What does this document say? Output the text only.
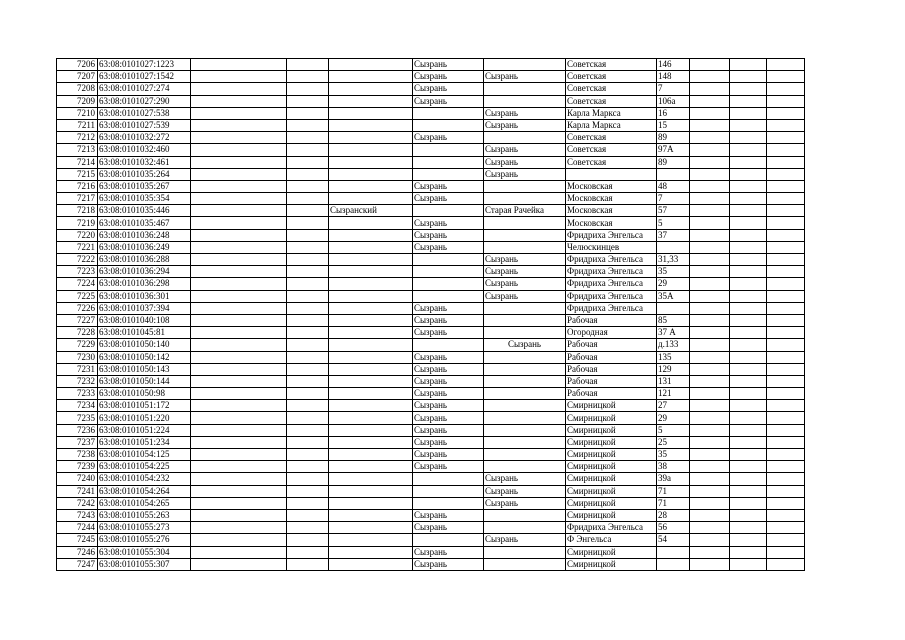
7206	63:08:0101027:1223				Сызрань		Советская	146			
7207	63:08:0101027:1542				Сызрань	Сызрань	Советская	148			
7208	63:08:0101027:274				Сызрань		Советская	7			
7209	63:08:0101027:290				Сызрань		Советская	106а			
7210	63:08:0101027:538					Сызрань	Карла Маркса	16			
7211	63:08:0101027:539					Сызрань	Карла Маркса	15			
7212	63:08:0101032:272				Сызрань		Советская	89			
7213	63:08:0101032:460					Сызрань	Советская	97А			
7214	63:08:0101032:461					Сызрань	Советская	89			
7215	63:08:0101035:264					Сызрань					
7216	63:08:0101035:267				Сызрань		Московская	48			
7217	63:08:0101035:354				Сызрань		Московская	7			
7218	63:08:0101035:446			Сызранский		Старая Рачейка	Московская	57			
7219	63:08:0101035:467				Сызрань		Московская	5			
7220	63:08:0101036:248				Сызрань		Фридриха Энгельса	37			
7221	63:08:0101036:249				Сызрань		Челюскинцев				
7222	63:08:0101036:288					Сызрань	Фридриха Энгельса	31,33			
7223	63:08:0101036:294					Сызрань	Фридриха Энгельса	35			
7224	63:08:0101036:298					Сызрань	Фридриха Энгельса	29			
7225	63:08:0101036:301					Сызрань	Фридриха Энгельса	35А			
7226	63:08:0101037:394				Сызрань		Фридриха Энгельса				
7227	63:08:0101040:108				Сызрань		Рабочая	85			
7228	63:08:0101045:81				Сызрань		Огородная	37 А			
7229	63:08:0101050:140					Сызрань	Рабочая	д.133			
7230	63:08:0101050:142				Сызрань		Рабочая	135			
7231	63:08:0101050:143				Сызрань		Рабочая	129			
7232	63:08:0101050:144				Сызрань		Рабочая	131			
7233	63:08:0101050:98				Сызрань		Рабочая	121			
7234	63:08:0101051:172				Сызрань		Смирницкой	27			
7235	63:08:0101051:220				Сызрань		Смирницкой	29			
7236	63:08:0101051:224				Сызрань		Смирницкой	5			
7237	63:08:0101051:234				Сызрань		Смирницкой	25			
7238	63:08:0101054:125				Сызрань		Смирницкой	35			
7239	63:08:0101054:225				Сызрань		Смирницкой	38			
7240	63:08:0101054:232					Сызрань	Смирницкой	39а			
7241	63:08:0101054:264					Сызрань	Смирницкой	71			
7242	63:08:0101054:265					Сызрань	Смирницкой	71			
7243	63:08:0101055:263				Сызрань		Смирницкой	28			
7244	63:08:0101055:273				Сызрань		Фридриха Энгельса	56			
7245	63:08:0101055:276					Сызрань	Ф Энгельса	54			
7246	63:08:0101055:304				Сызрань		Смирницкой				
7247	63:08:0101055:307				Сызрань		Смирницкой				
